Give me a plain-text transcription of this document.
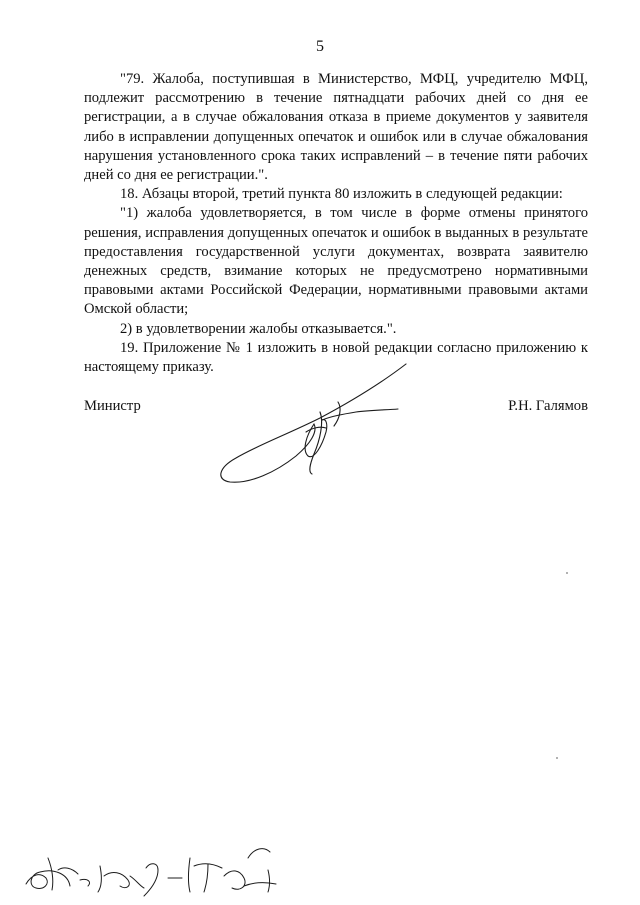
5

"79. Жалоба, поступившая в Министерство, МФЦ, учредителю МФЦ, подлежит рассмотрению в течение пятнадцати рабочих дней со дня ее регистрации, а в случае обжалования отказа в приеме документов у заявителя либо в исправлении допущенных опечаток и ошибок или в случае обжалования нарушения установленного срока таких исправлений – в течение пяти рабочих дней со дня ее регистрации.".

18. Абзацы второй, третий пункта 80 изложить в следующей редакции:

"1) жалоба удовлетворяется, в том числе в форме отмены принятого решения, исправления допущенных опечаток и ошибок в выданных в результате предоставления государственной услуги документах, возврата заявителю денежных средств, взимание которых не предусмотрено нормативными правовыми актами Российской Федерации, нормативными правовыми актами Омской области;

2) в удовлетворении жалобы отказывается.".

19. Приложение № 1 изложить в новой редакции согласно приложению к настоящему приказу.

Министр	Р.Н. Галямов
